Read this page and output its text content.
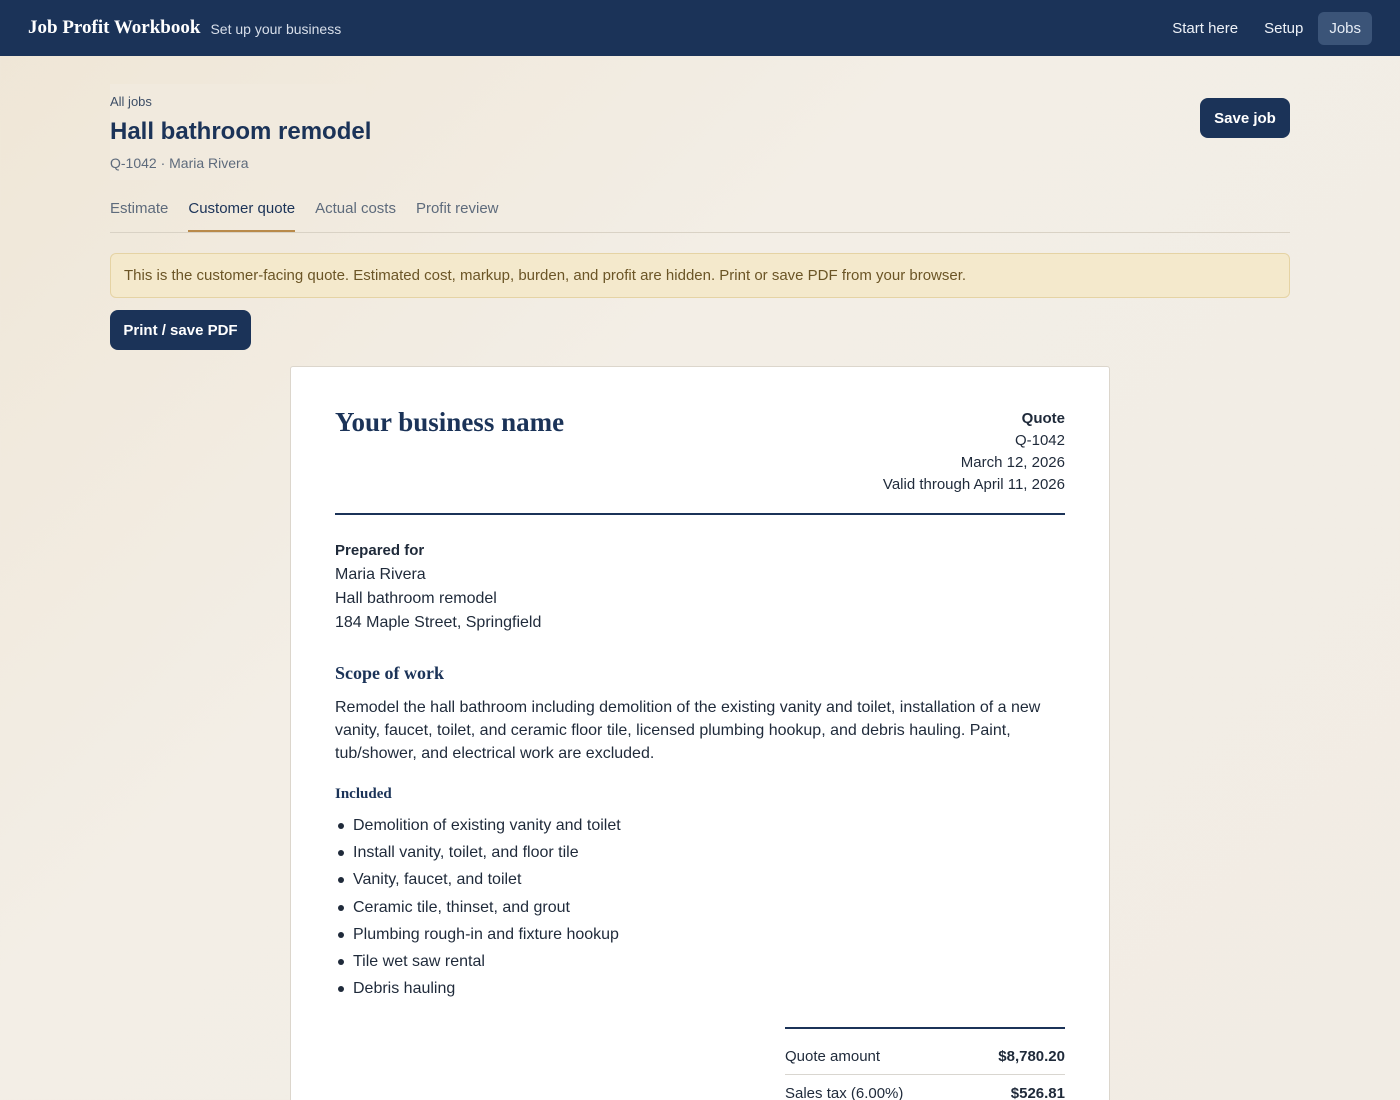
Job Profit Workbook Set up your business	Start here	Setup	Jobs
All jobs
Hall bathroom remodel
Q-1042 · Maria Rivera
Save job
Estimate Customer quote Actual costs Profit review
This is the customer-facing quote. Estimated cost, markup, burden, and profit are hidden. Print or save PDF from your browser.
Print / save PDF
Your business name	Quote
Q-1042
March 12, 2026
Valid through April 11, 2026
Prepared for
Maria Rivera
Hall bathroom remodel
184 Maple Street, Springfield
Scope of work
Remodel the hall bathroom including demolition of the existing vanity and toilet, installation of a new vanity, faucet, toilet, and ceramic floor tile, licensed plumbing hookup, and debris hauling. Paint, tub/shower, and electrical work are excluded.
Included
Demolition of existing vanity and toilet
Install vanity, toilet, and floor tile
Vanity, faucet, and toilet
Ceramic tile, thinset, and grout
Plumbing rough-in and fixture hookup
Tile wet saw rental
Debris hauling
Quote amount	$8,780.20
Sales tax (6.00%)	$526.81
